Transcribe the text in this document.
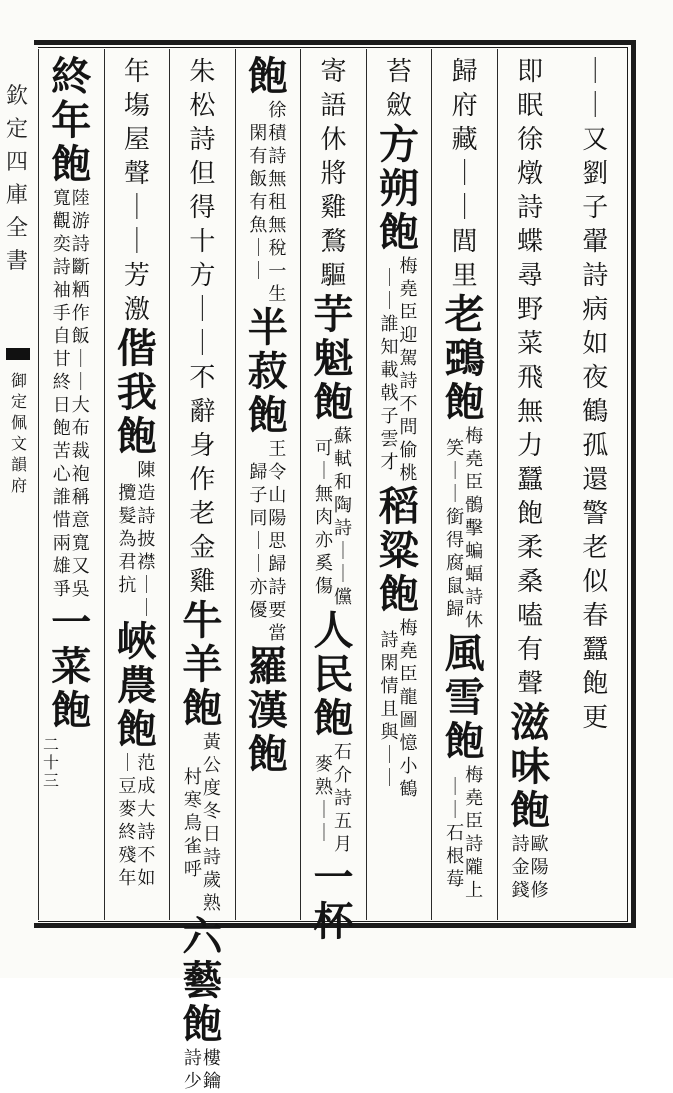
欽
定
四
庫
全
書
御
定
佩
文
韻
府
｜
｜
又
劉
子
翬
詩
病
如
夜
鶴
孤
還
警
老
似
春
蠶
飽
更
即
眠
徐
燉
詩
蝶
尋
野
菜
飛
無
力
蠶
飽
柔
桑
嗑
有
聲
滋
味
飽
歐
陽
修
詩
金
錢
歸
府
藏
｜
｜
閭
里
老
鵶
飽
梅
堯
臣
鶻
擊
蝙
蝠
詩
休
笑
｜
｜
銜
得
腐
鼠
歸
風
雪
飽
梅
堯
臣
詩
隴
上
｜
｜
石
根
莓
苔
斂
方
朔
飽
梅
堯
臣
迎
駕
詩
不
問
偷
桃
｜
｜
誰
知
載
戟
子
雲
才
稻
粱
飽
梅
堯
臣
龍
圖
憶
小
鶴
詩
閑
情
且
與
｜
｜
寄
語
休
將
雞
鶩
驅
芋
魁
飽
蘇
軾
和
陶
詩
｜
｜
儻
可
｜
無
肉
亦
奚
傷
人
民
飽
石
介
詩
五
月
麥
熟
｜
｜
一
杯
飽
徐
積
詩
無
租
無
稅
一
生
閑
有
飯
有
魚
｜
｜
半
菽
飽
王
令
山
陽
思
歸
詩
要
當
歸
子
同
｜
｜
亦
優
羅
漢
飽
朱
松
詩
但
得
十
方
｜
｜
不
辭
身
作
老
金
雞
牛
羊
飽
黃
公
度
冬
日
詩
歲
熟
村
寒
鳥
雀
呼
六
藝
飽
樓
鑰
詩
少
年
塲
屋
聲
｜
｜
芳
激
偕
我
飽
陳
造
詩
披
襟
｜
｜
攬
髮
為
君
抗
峽
農
飽
范
成
大
詩
不
如
｜
豆
麥
終
殘
年
終
年
飽
陸
游
詩
斷
粞
作
飯
｜
｜
大
布
裁
袍
稱
意
寬
又
吳
寬
觀
奕
詩
袖
手
自
甘
終
日
飽
苦
心
誰
惜
兩
雄
爭
一
菜
飽
二
十
三
